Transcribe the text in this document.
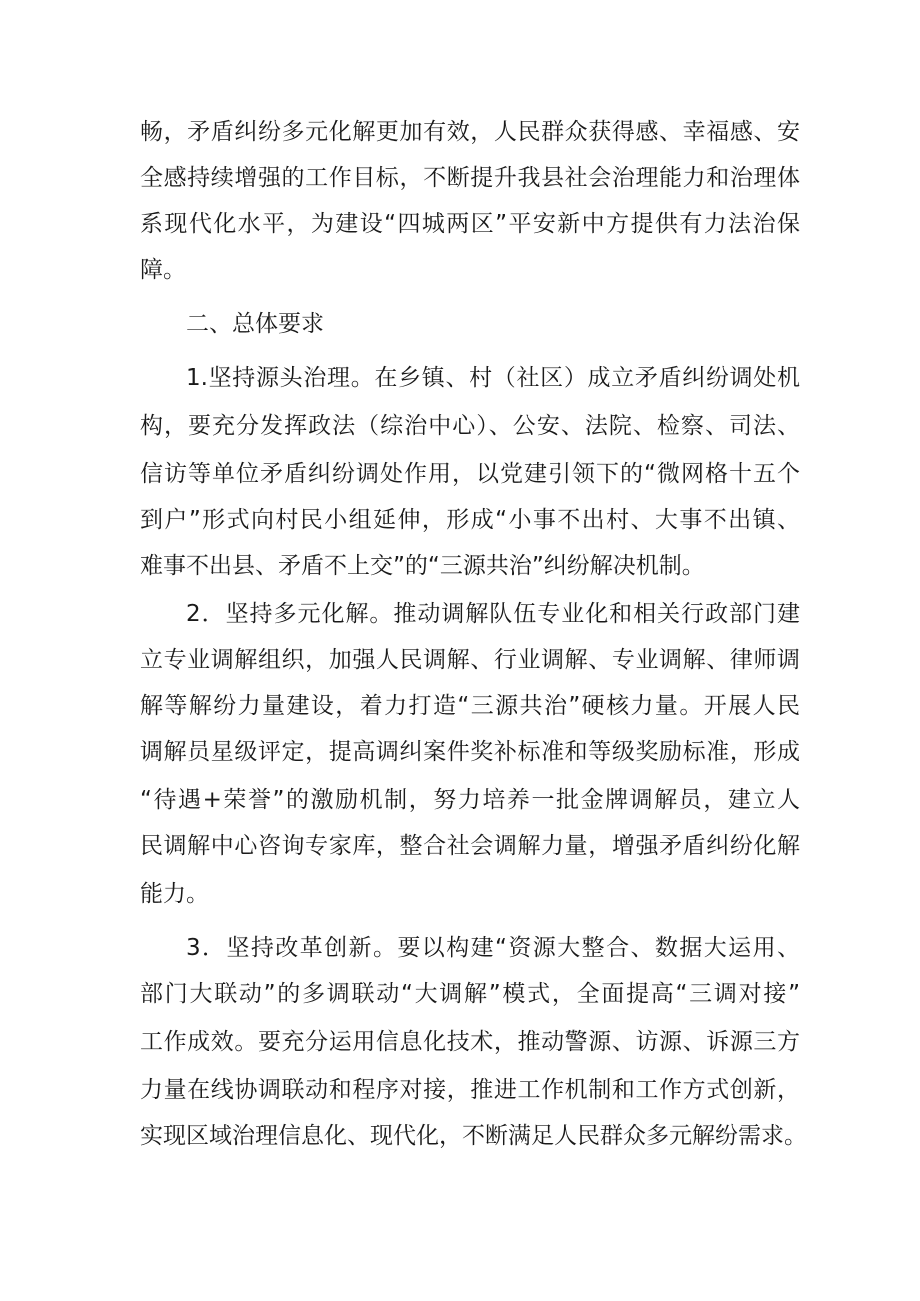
畅，矛盾纠纷多元化解更加有效，人民群众获得感、幸福感、安
全感持续增强的工作目标，不断提升我县社会治理能力和治理体
系现代化水平，为建设“四城两区”平安新中方提供有力法治保
障。
二、总体要求
1.坚持源头治理。在乡镇、村（社区）成立矛盾纠纷调处机
构，要充分发挥政法（综治中心）、公安、法院、检察、司法、
信访等单位矛盾纠纷调处作用，以党建引领下的“微网格十五个
到户”形式向村民小组延伸，形成“小事不出村、大事不出镇、
难事不出县、矛盾不上交”的“三源共治”纠纷解决机制。
2．坚持多元化解。推动调解队伍专业化和相关行政部门建
立专业调解组织，加强人民调解、行业调解、专业调解、律师调
解等解纷力量建设，着力打造“三源共治”硬核力量。开展人民
调解员星级评定，提高调纠案件奖补标准和等级奖励标准，形成
“待遇+荣誉”的激励机制，努力培养一批金牌调解员，建立人
民调解中心咨询专家库，整合社会调解力量，增强矛盾纠纷化解
能力。
3．坚持改革创新。要以构建“资源大整合、数据大运用、
部门大联动”的多调联动“大调解”模式，全面提高“三调对接”
工作成效。要充分运用信息化技术，推动警源、访源、诉源三方
力量在线协调联动和程序对接，推进工作机制和工作方式创新，
实现区域治理信息化、现代化，不断满足人民群众多元解纷需求。
